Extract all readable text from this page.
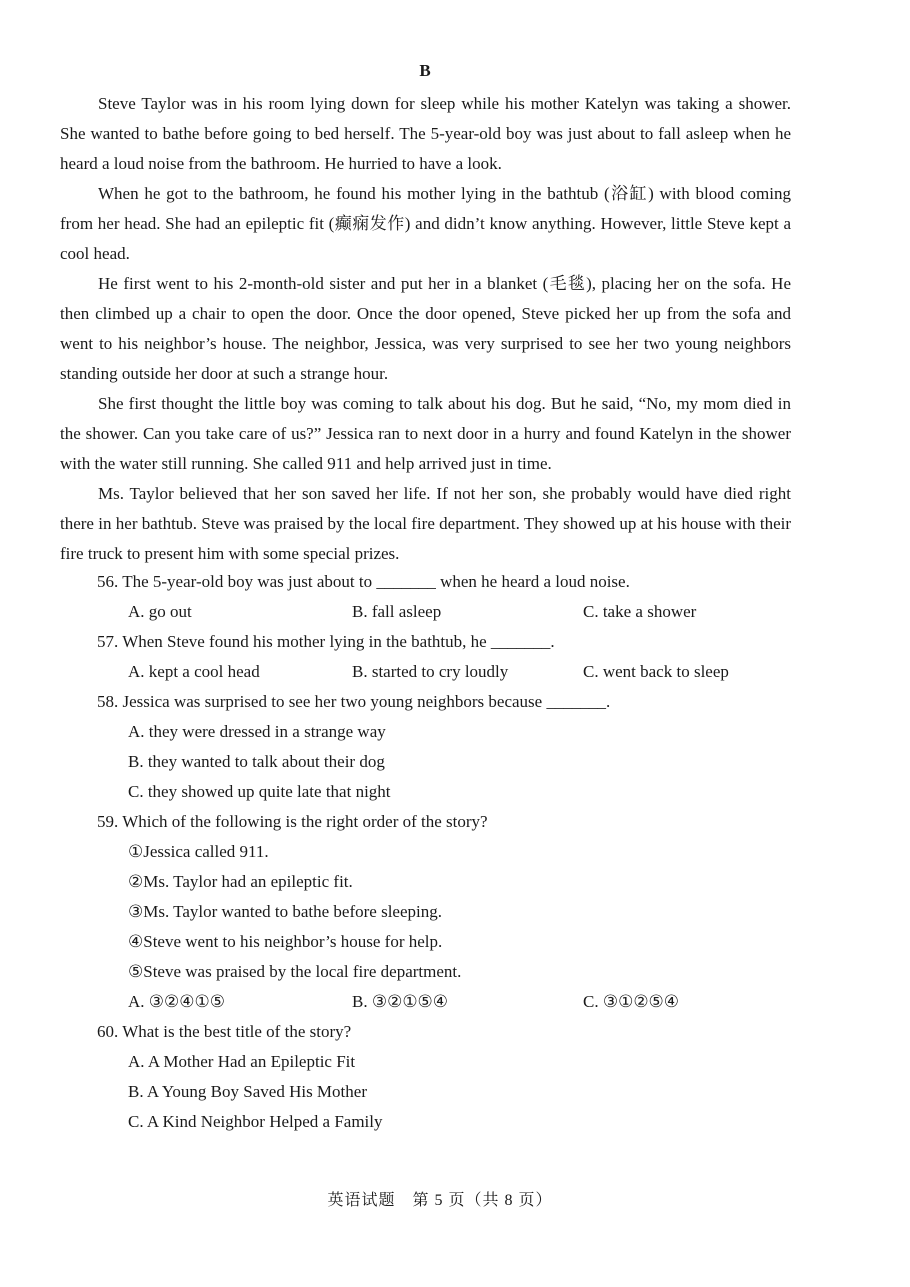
B

Steve Taylor was in his room lying down for sleep while his mother Katelyn was taking a shower. She wanted to bathe before going to bed herself. The 5-year-old boy was just about to fall asleep when he heard a loud noise from the bathroom. He hurried to have a look.

When he got to the bathroom, he found his mother lying in the bathtub (浴缸) with blood coming from her head. She had an epileptic fit (癫痫发作) and didn’t know anything. However, little Steve kept a cool head.

He first went to his 2-month-old sister and put her in a blanket (毛毯), placing her on the sofa. He then climbed up a chair to open the door. Once the door opened, Steve picked her up from the sofa and went to his neighbor’s house. The neighbor, Jessica, was very surprised to see her two young neighbors standing outside her door at such a strange hour.

She first thought the little boy was coming to talk about his dog. But he said, “No, my mom died in the shower. Can you take care of us?” Jessica ran to next door in a hurry and found Katelyn in the shower with the water still running. She called 911 and help arrived just in time.

Ms. Taylor believed that her son saved her life. If not her son, she probably would have died right there in her bathtub. Steve was praised by the local fire department. They showed up at his house with their fire truck to present him with some special prizes.

56. The 5-year-old boy was just about to _______ when he heard a loud noise.

A. go out	B. fall asleep	C. take a shower

57. When Steve found his mother lying in the bathtub, he _______.

A. kept a cool head	B. started to cry loudly	C. went back to sleep

58. Jessica was surprised to see her two young neighbors because _______.

A. they were dressed in a strange way

B. they wanted to talk about their dog

C. they showed up quite late that night

59. Which of the following is the right order of the story?

①Jessica called 911.

②Ms. Taylor had an epileptic fit.

③Ms. Taylor wanted to bathe before sleeping.

④Steve went to his neighbor’s house for help.

⑤Steve was praised by the local fire department.

A. ③②④①⑤	B. ③②①⑤④	C. ③①②⑤④

60. What is the best title of the story?

A. A Mother Had an Epileptic Fit

B. A Young Boy Saved His Mother

C. A Kind Neighbor Helped a Family

英语试题　第 5 页（共 8 页）
